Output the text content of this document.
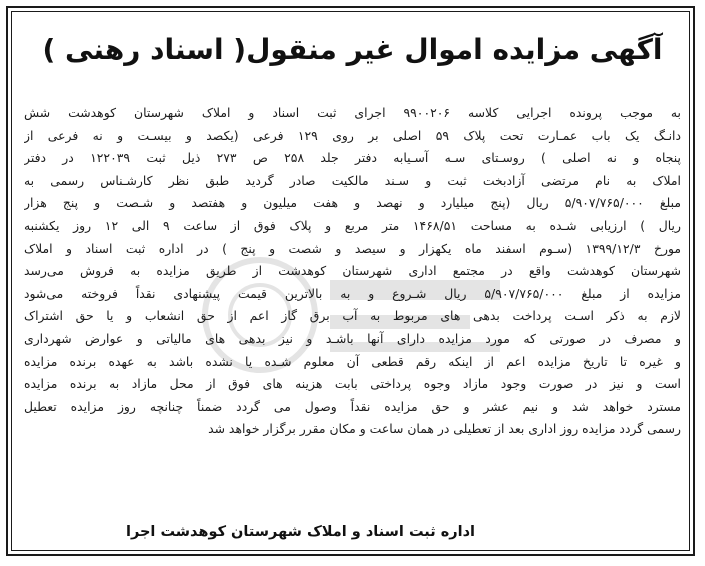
آگهی مزایده اموال غیر منقول( اسناد رهنی )
به موجب پرونده اجرایی کلاسه ۹۹۰۰۲۰۶ اجرای ثبت اسناد و املاک شهرستان کوهدشت شش
دانـگ یک باب عمـارت تحت پلاک ۵۹ اصلی بر روی ۱۲۹ فرعی (یکصد و بیسـت و نه فرعی از
پنجاه و نه اصلی ) روسـتای سـه آسـیابه دفتر جلد ۲۵۸ ص ۲۷۳ ذیل ثبت ۱۲۲۰۳۹ در دفتر
املاک به نام مرتضی آزادبخت ثبت و سـند مالکیت صادر گردید طبق نظر کارشـناس رسمی به
مبلغ ۵/۹۰۷/۷۶۵/۰۰۰ ریال (پنج میلیارد و نهصد و هفت میلیون و هفتصد و شـصت و پنج هزار
ریال ) ارزیابی شـده به مساحت ۱۴۶۸/۵۱ متر مربع و پلاک فوق از ساعت ۹ الی ۱۲ روز یکشنبه
مورخ ۱۳۹۹/۱۲/۳ (سـوم اسفند ماه یکهزار و سیصد و شصت و پنج ) در اداره ثبت اسناد و املاک
شهرستان کوهدشت واقع در مجتمع اداری شهرستان کوهدشت از طریق مزایده به فروش می‌رسد
مزایده از مبلغ ۵/۹۰۷/۷۶۵/۰۰۰ ریال شـروع و به بالاترین قیمت پیشنهادی نقداً فروخته می‌شود
لازم به ذکر اسـت پرداخت بدهی های مربوط به آب برق گاز اعم از حق انشعاب و یا حق اشتراک
و مصرف در صورتی که مورد مزایده دارای آنها باشـد و نیز بدهی های مالیاتی و عوارض شهرداری
و غیره تا تاریخ مزایده اعم از اینکه رقم قطعی آن معلوم شـده یا نشده باشد به عهده برنده مزایده
است و نیز در صورت وجود مازاد وجوه پرداختی بابت هزینه های فوق از محل مازاد به برنده مزایده
مسترد خواهد شد و نیم عشر و حق مزایده نقداً وصول می گردد ضمناً چنانچه روز مزایده تعطیل
رسمی گردد مزایده روز اداری بعد از تعطیلی در همان ساعت و مکان مقرر برگزار خواهد شد
اداره ثبت اسناد و املاک شهرستان کوهدشت اجرا
